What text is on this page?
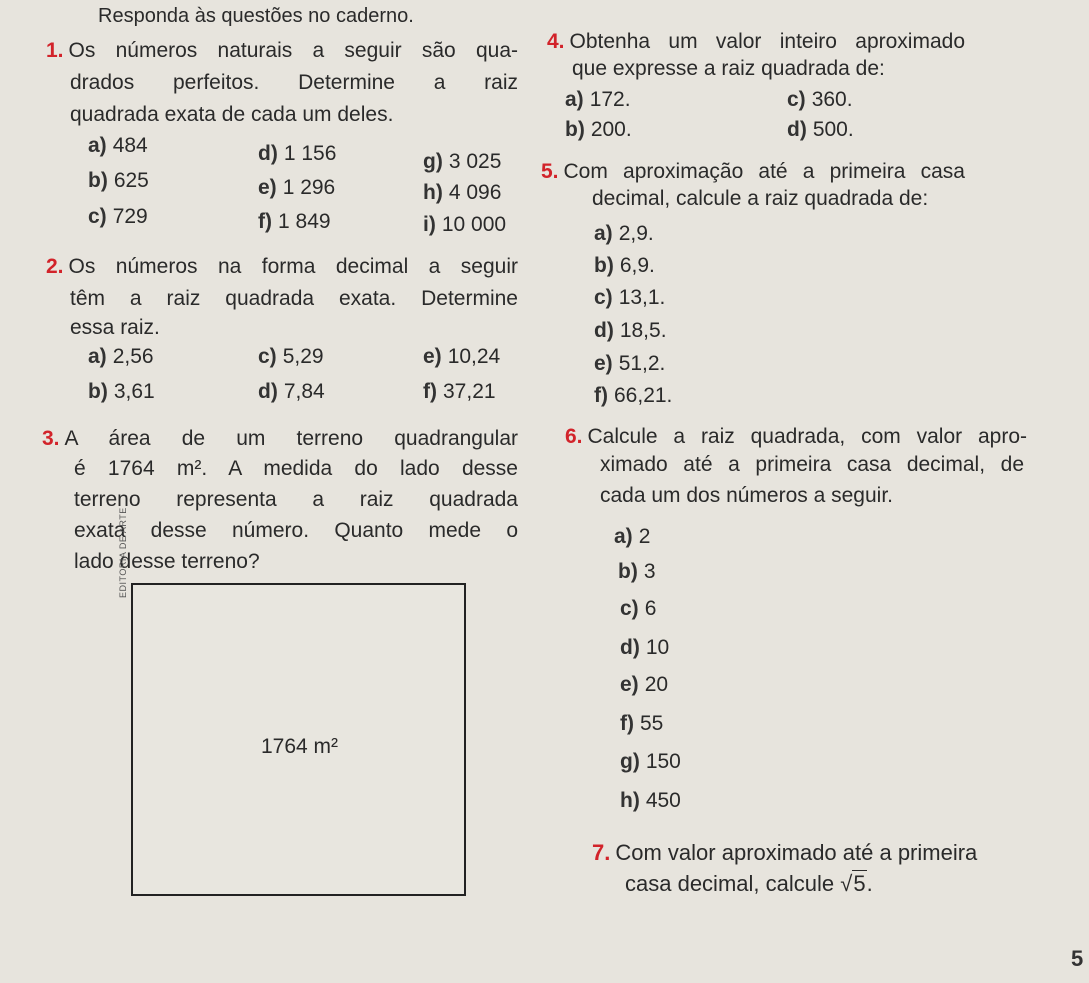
Responda às questões no caderno.
1. Os números naturais a seguir são qua-
drados perfeitos. Determine a raiz
quadrada exata de cada um deles.
a) 484	d) 1 156	g) 3 025
b) 625	e) 1 296	h) 4 096
c) 729	f) 1 849	i) 10 000
2. Os números na forma decimal a seguir
têm a raiz quadrada exata. Determine
essa raiz.
a) 2,56	c) 5,29	e) 10,24
b) 3,61	d) 7,84	f) 37,21
3. A área de um terreno quadrangular
é 1764 m². A medida do lado desse
terreno representa a raiz quadrada
exata desse número. Quanto mede o
lado desse terreno?
1764 m²
EDITORIA DE ARTE
4. Obtenha um valor inteiro aproximado
que expresse a raiz quadrada de:
a) 172.	c) 360.
b) 200.	d) 500.
5. Com aproximação até a primeira casa
decimal, calcule a raiz quadrada de:
a) 2,9.
b) 6,9.
c) 13,1.
d) 18,5.
e) 51,2.
f) 66,21.
6. Calcule a raiz quadrada, com valor apro-
ximado até a primeira casa decimal, de
cada um dos números a seguir.
a) 2
b) 3
c) 6
d) 10
e) 20
f) 55
g) 150
h) 450
7. Com valor aproximado até a primeira
casa decimal, calcule √5.
5
